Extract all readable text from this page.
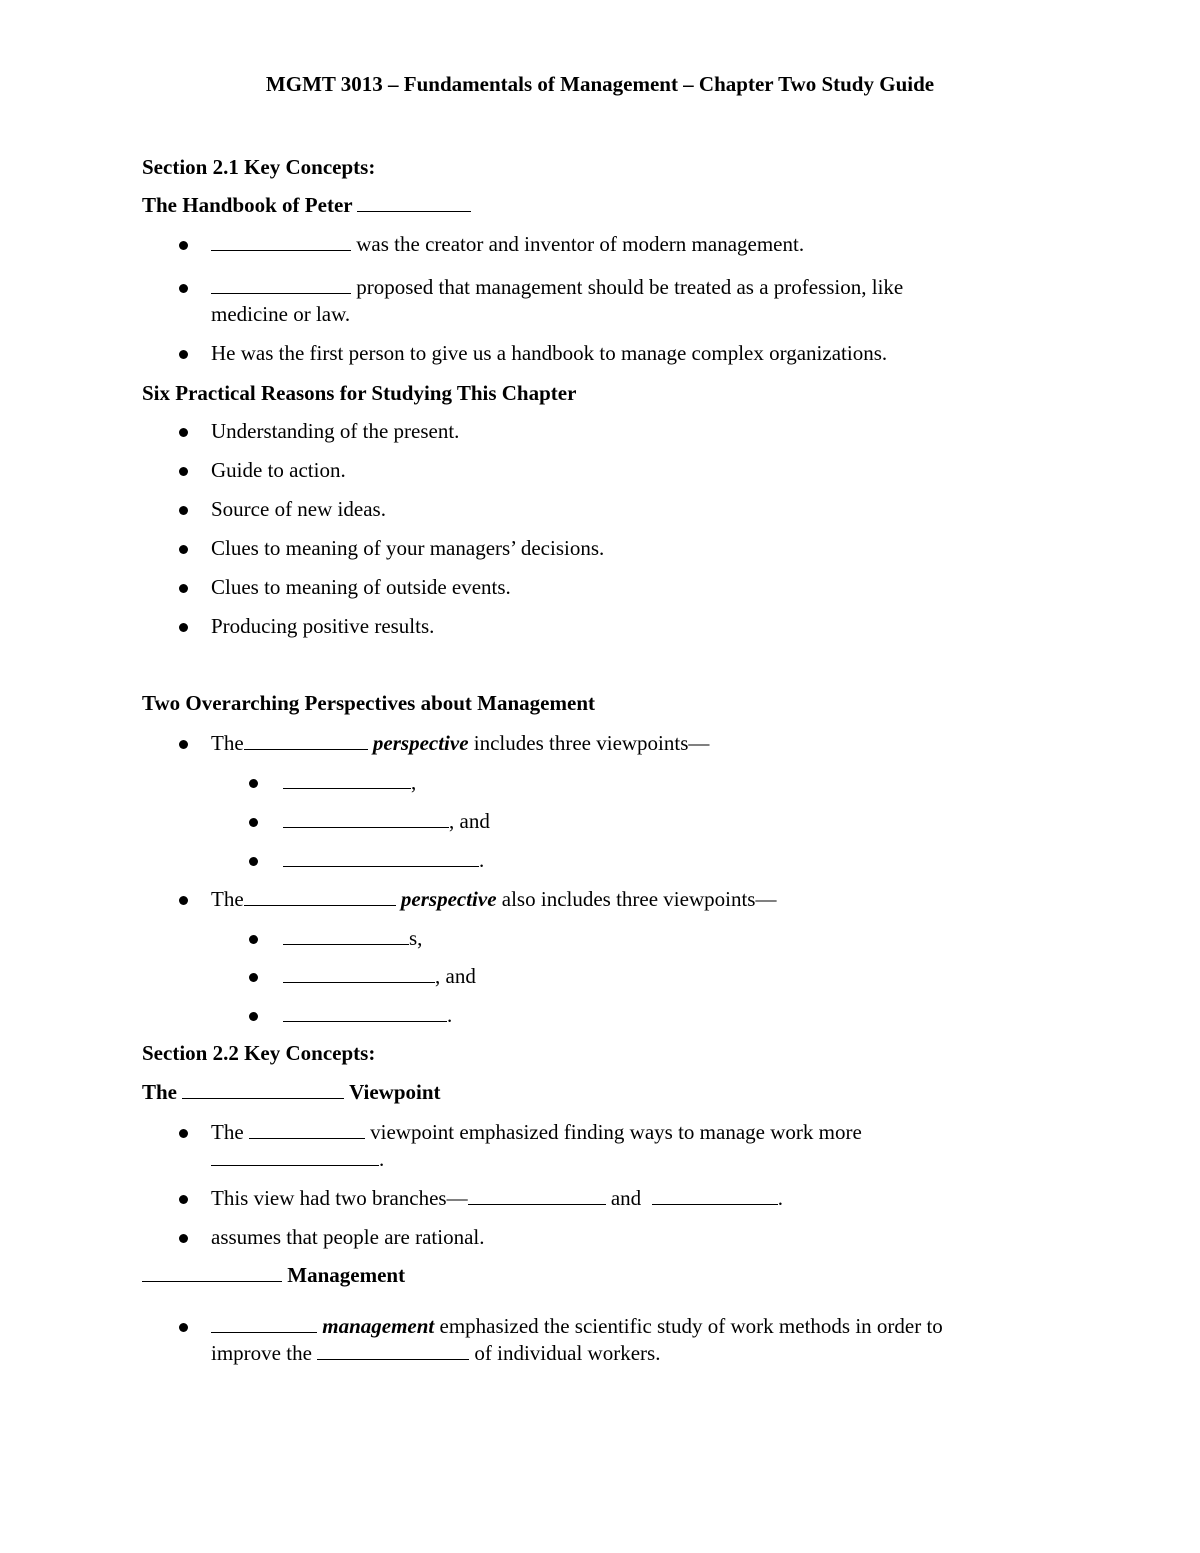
MGMT 3013 – Fundamentals of Management – Chapter Two Study Guide
Section 2.1 Key Concepts:
The Handbook of Peter
was the creator and inventor of modern management.
proposed that management should be treated as a profession, like
medicine or law.
He was the first person to give us a handbook to manage complex organizations.
Six Practical Reasons for Studying This Chapter
Understanding of the present.
Guide to action.
Source of new ideas.
Clues to meaning of your managers’ decisions.
Clues to meaning of outside events.
Producing positive results.
Two Overarching Perspectives about Management
The	perspective includes three viewpoints—
,
, and
.
The	perspective also includes three viewpoints—
s,
, and
.
Section 2.2 Key Concepts:
The	Viewpoint
The	viewpoint emphasized finding ways to manage work more
.
This view had two branches—	and	.
assumes that people are rational.
Management
management emphasized the scientific study of work methods in order to
improve the	of individual workers.
